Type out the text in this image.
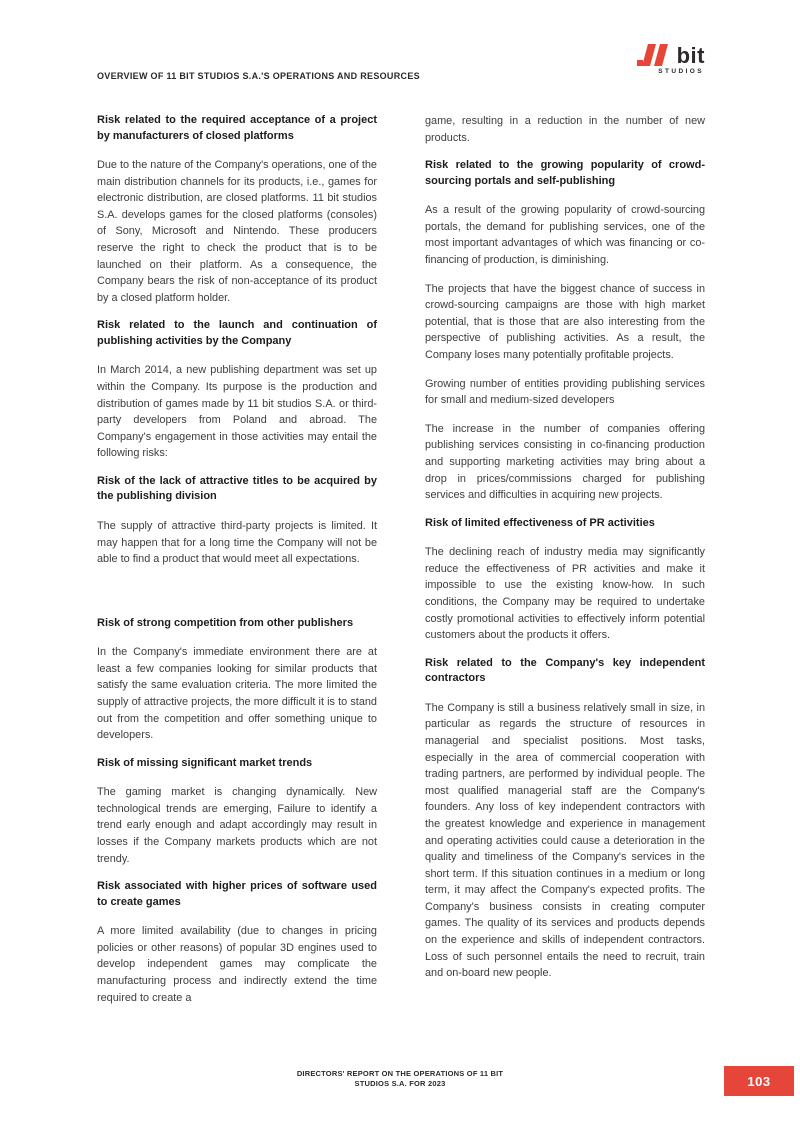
OVERVIEW OF 11 BIT STUDIOS S.A.'S OPERATIONS AND RESOURCES
bit
STUDIOS
Risk related to the required acceptance of a project by manufacturers of closed platforms

Due to the nature of the Company's operations, one of the main distribution channels for its products, i.e., games for electronic distribution, are closed platforms. 11 bit studios S.A. develops games for the closed platforms (consoles) of Sony, Microsoft and Nintendo. These producers reserve the right to check the product that is to be launched on their platform. As a consequence, the Company bears the risk of non-acceptance of its product by a closed platform holder.

Risk related to the launch and continuation of publishing activities by the Company

In March 2014, a new publishing department was set up within the Company. Its purpose is the production and distribution of games made by 11 bit studios S.A. or third-party developers from Poland and abroad. The Company's engagement in those activities may entail the following risks:

Risk of the lack of attractive titles to be acquired by the publishing division

The supply of attractive third-party projects is limited. It may happen that for a long time the Company will not be able to find a product that would meet all expectations.

Risk of strong competition from other publishers

In the Company's immediate environment there are at least a few companies looking for similar products that satisfy the same evaluation criteria. The more limited the supply of attractive projects, the more difficult it is to stand out from the competition and offer something unique to developers.

Risk of missing significant market trends

The gaming market is changing dynamically. New technological trends are emerging, Failure to identify a trend early enough and adapt accordingly may result in losses if the Company markets products which are not trendy.

Risk associated with higher prices of software used to create games

A more limited availability (due to changes in pricing policies or other reasons) of popular 3D engines used to develop independent games may complicate the manufacturing process and indirectly extend the time required to create a

game, resulting in a reduction in the number of new products.

Risk related to the growing popularity of crowd-sourcing portals and self-publishing

As a result of the growing popularity of crowd-sourcing portals, the demand for publishing services, one of the most important advantages of which was financing or co-financing of production, is diminishing.

The projects that have the biggest chance of success in crowd-sourcing campaigns are those with high market potential, that is those that are also interesting from the perspective of publishing activities. As a result, the Company loses many potentially profitable projects.

Growing number of entities providing publishing services for small and medium-sized developers

The increase in the number of companies offering publishing services consisting in co-financing production and supporting marketing activities may bring about a drop in prices/commissions charged for publishing services and difficulties in acquiring new projects.

Risk of limited effectiveness of PR activities

The declining reach of industry media may significantly reduce the effectiveness of PR activities and make it impossible to use the existing know-how. In such conditions, the Company may be required to undertake costly promotional activities to effectively inform potential customers about the products it offers.

Risk related to the Company's key independent contractors

The Company is still a business relatively small in size, in particular as regards the structure of resources in managerial and specialist positions. Most tasks, especially in the area of commercial cooperation with trading partners, are performed by individual people. The most qualified managerial staff are the Company's founders. Any loss of key independent contractors with the greatest knowledge and experience in management and operating activities could cause a deterioration in the quality and timeliness of the Company's services in the short term. If this situation continues in a medium or long term, it may affect the Company's expected profits. The Company's business consists in creating computer games. The quality of its services and products depends on the experience and skills of independent contractors. Loss of such personnel entails the need to recruit, train and on-board new people.

DIRECTORS' REPORT ON THE OPERATIONS OF 11 BIT
STUDIOS S.A. FOR 2023	103
